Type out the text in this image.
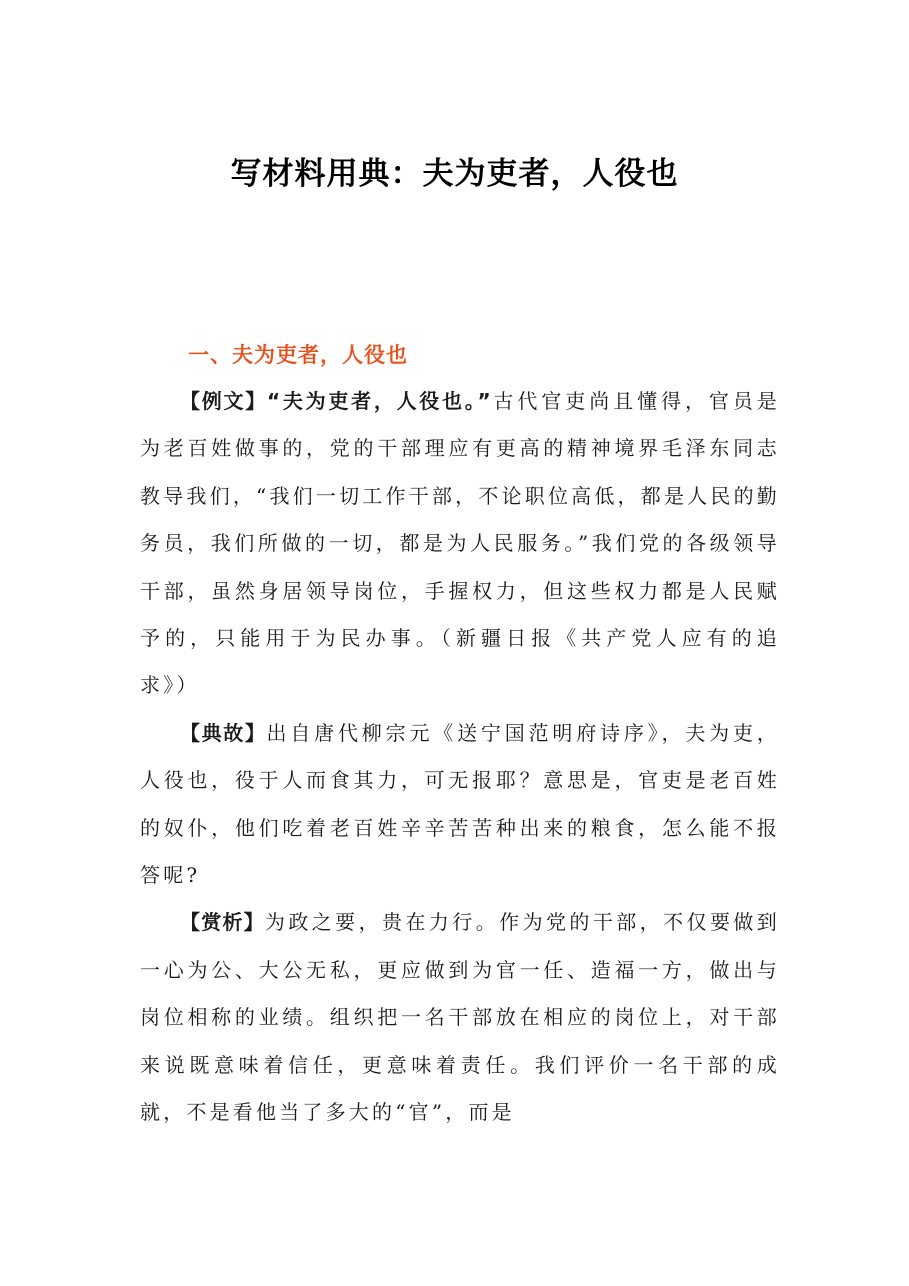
写材料用典：夫为吏者，人役也
一、夫为吏者，人役也

【例文】“夫为吏者，人役也。”古代官吏尚且懂得，官员是为老百姓做事的，党的干部理应有更高的精神境界毛泽东同志教导我们，“我们一切工作干部，不论职位高低，都是人民的勤务员，我们所做的一切，都是为人民服务。”我们党的各级领导干部，虽然身居领导岗位，手握权力，但这些权力都是人民赋予的，只能用于为民办事。（新疆日报《共产党人应有的追求》）

【典故】出自唐代柳宗元《送宁国范明府诗序》，夫为吏，人役也，役于人而食其力，可无报耶？意思是，官吏是老百姓的奴仆，他们吃着老百姓辛辛苦苦种出来的粮食，怎么能不报答呢?

【赏析】为政之要，贵在力行。作为党的干部，不仅要做到一心为公、大公无私，更应做到为官一任、造福一方，做出与岗位相称的业绩。组织把一名干部放在相应的岗位上，对干部来说既意味着信任，更意味着责任。我们评价一名干部的成就，不是看他当了多大的“官”，而是
